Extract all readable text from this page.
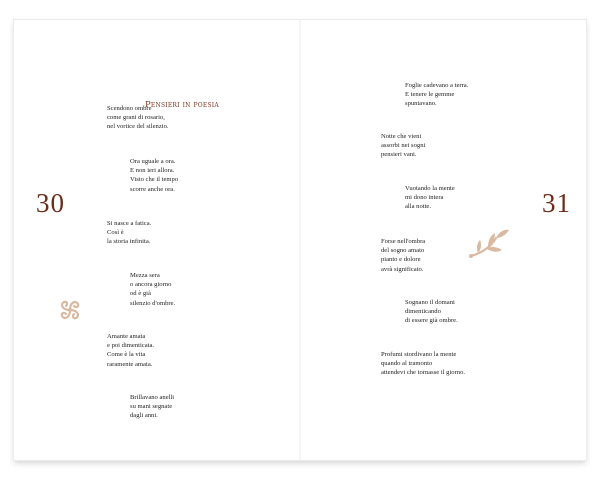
30
Pensieri in poesia
Scendono ombre
come grani di rosario,
nel vortice del silenzio.
Ora uguale a ora.
E non ieri allora.
Visto che il tempo
scorre anche ora.
Si nasce a fatica.
Così è
la storia infinita.
Mezza sera
o ancora giorno
od è già
silenzio d'ombre.
Amante amata
e poi dimenticata.
Come è la vita
raramente amata.
Brillavano anelli
su mani segnate
dagli anni.
31
Foglie cadevano a terra.
E tenere le gemme
spuntavano.
Notte che vieni
assorbi nei sogni
pensieri vani.
Vuotando la mente
mi dono intera
alla notte.
Forse nell'ombra
del sogno amato
pianto e dolore
avrà significato.
Sognano il domani
dimenticando
di essere già ombre.
Profumi stordivano la mente
quando al tramonto
attendevi che tornasse il giorno.
